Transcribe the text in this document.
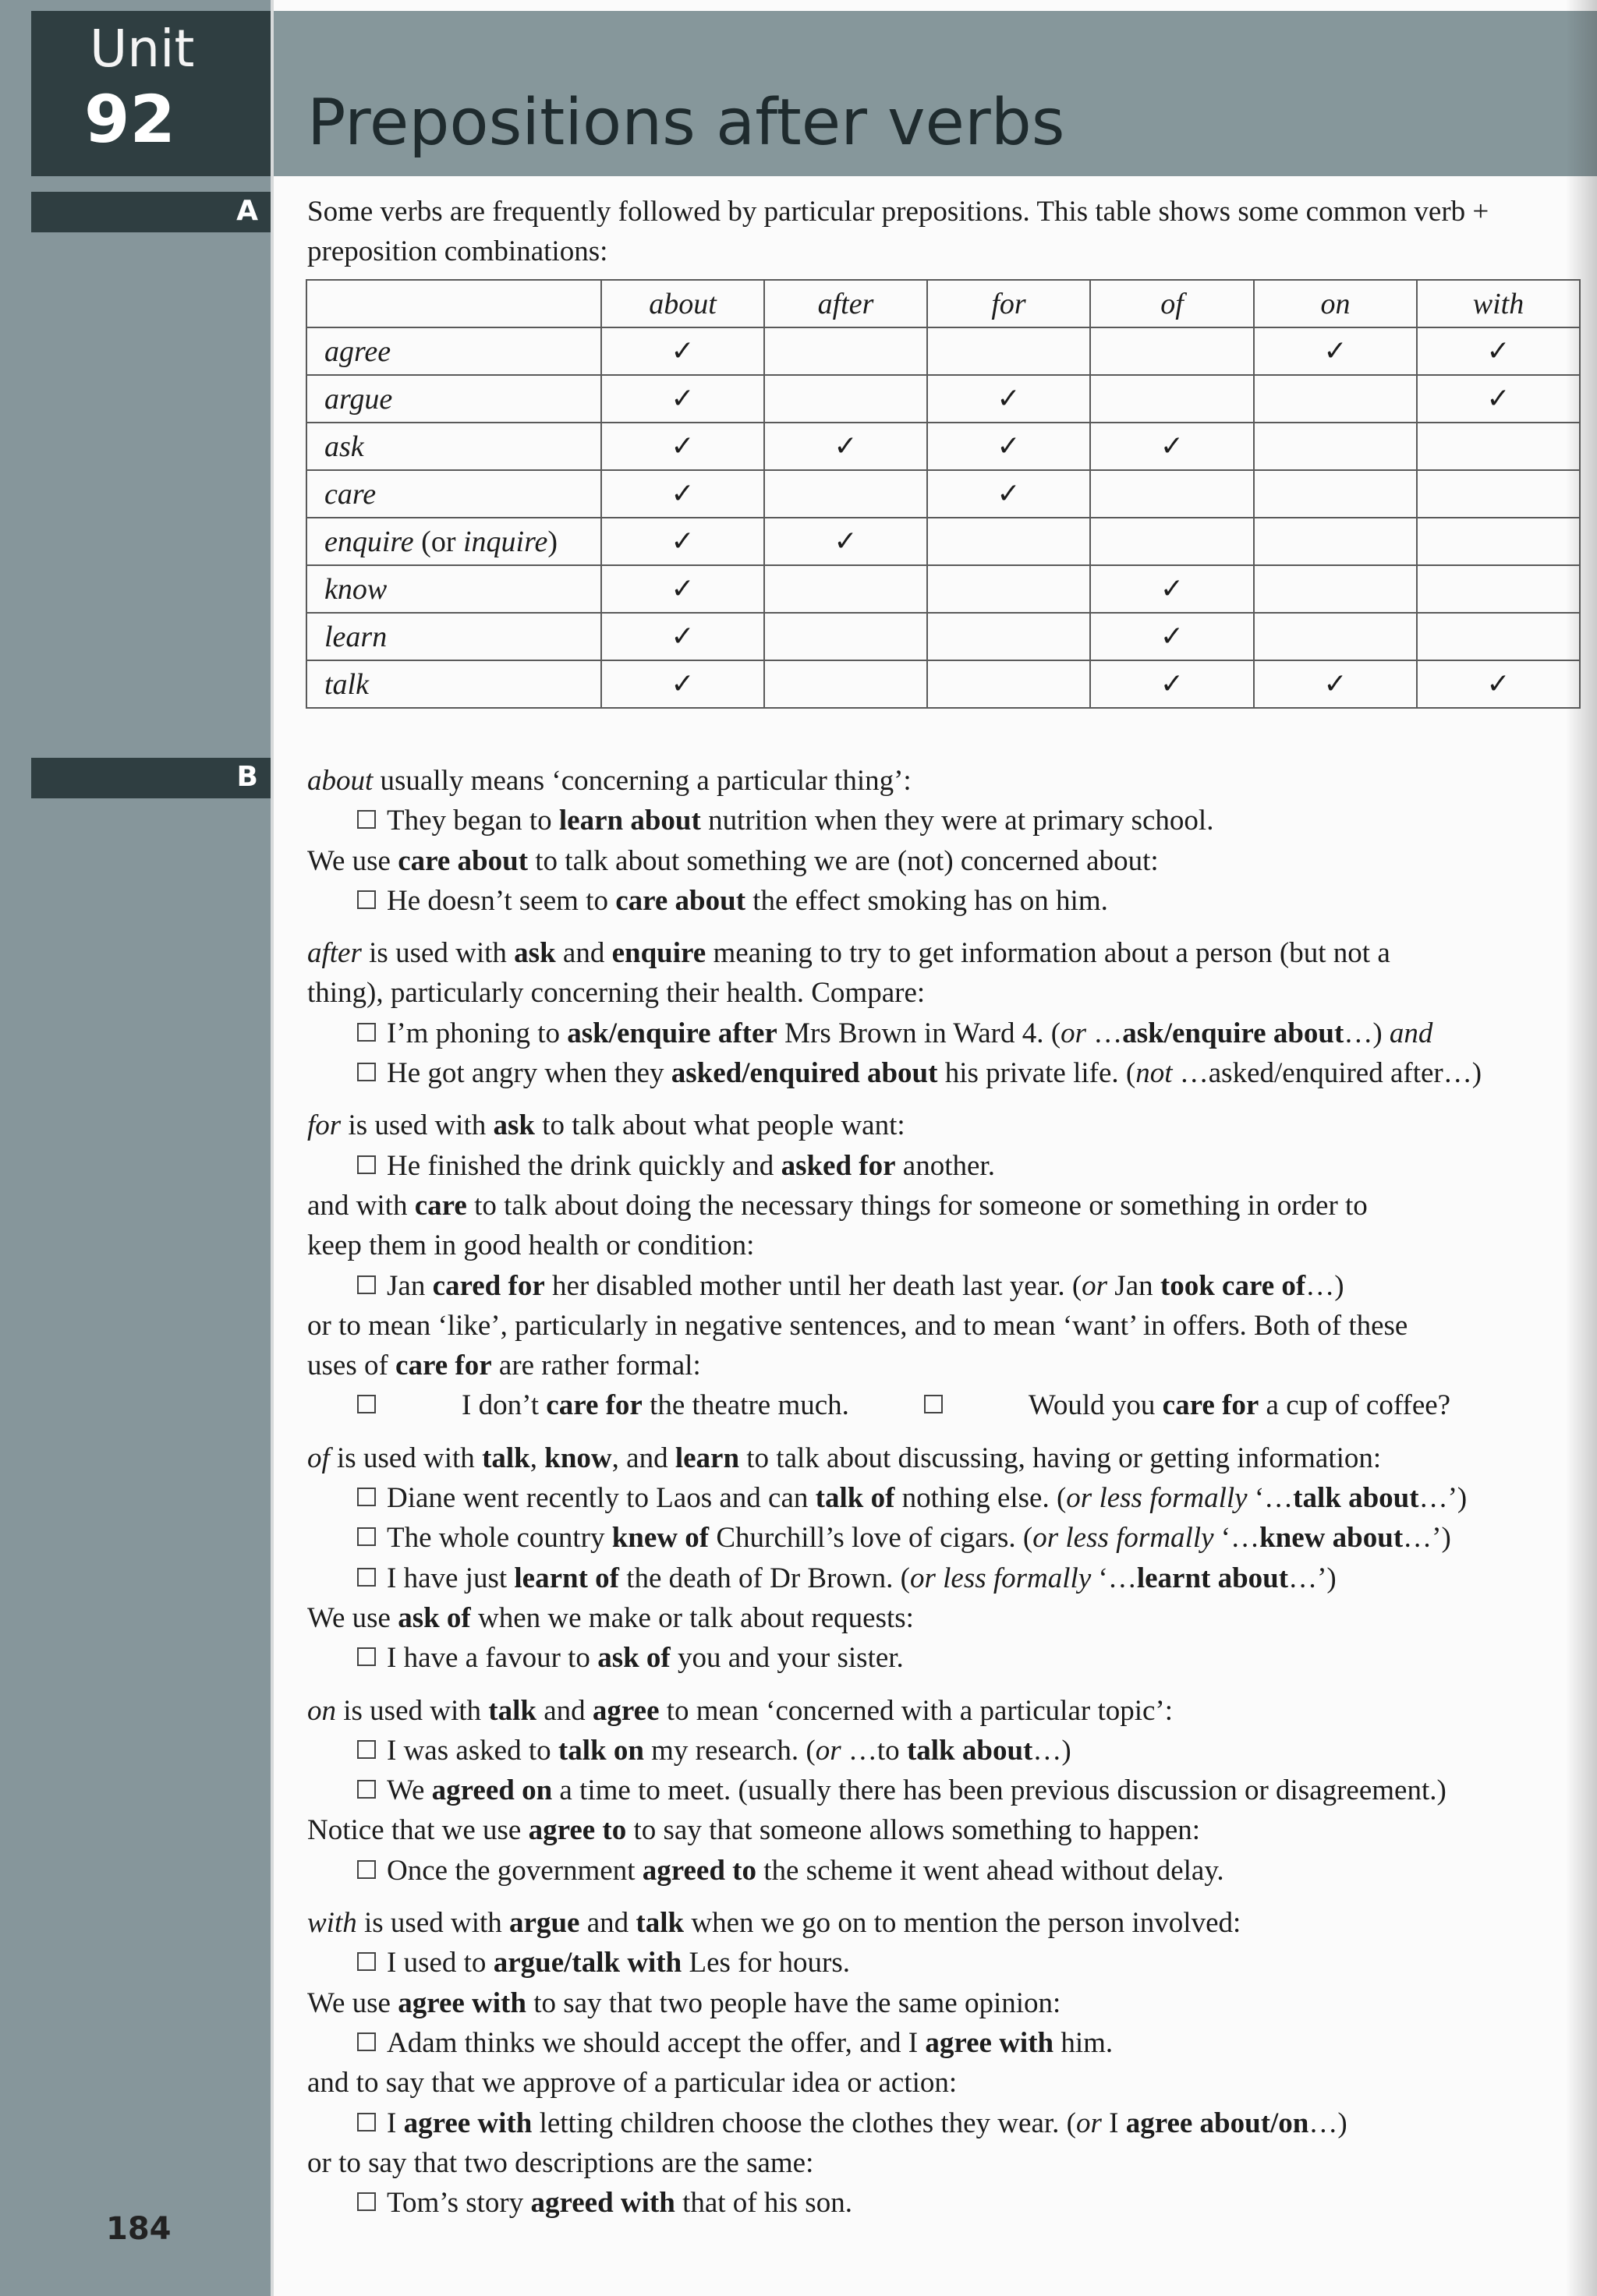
Unit
92 Prepositions after verbs
A
B
Some verbs are frequently followed by particular prepositions. This table shows some common verb + preposition combinations:
	about	after	for	of	on	with
agree	✓				✓	✓
argue	✓		✓			✓
ask	✓	✓	✓	✓		
care	✓		✓			
enquire (or inquire)	✓	✓				
know	✓			✓		
learn	✓			✓		
talk	✓			✓	✓	✓
about usually means ‘concerning a particular thing’:
They began to learn about nutrition when they were at primary school.
We use care about to talk about something we are (not) concerned about:
He doesn’t seem to care about the effect smoking has on him.
after is used with ask and enquire meaning to try to get information about a person (but not a
thing), particularly concerning their health. Compare:
I’m phoning to ask/enquire after Mrs Brown in Ward 4. (or …ask/enquire about…) and
He got angry when they asked/enquired about his private life. (not …asked/enquired after…)
for is used with ask to talk about what people want:
He finished the drink quickly and asked for another.
and with care to talk about doing the necessary things for someone or something in order to
keep them in good health or condition:
Jan cared for her disabled mother until her death last year. (or Jan took care of…)
or to mean ‘like’, particularly in negative sentences, and to mean ‘want’ in offers. Both of these
uses of care for are rather formal:
I don’t care for the theatre much.	Would you care for a cup of coffee?
of is used with talk, know, and learn to talk about discussing, having or getting information:
Diane went recently to Laos and can talk of nothing else. (or less formally ‘…talk about…’)
The whole country knew of Churchill’s love of cigars. (or less formally ‘…knew about…’)
I have just learnt of the death of Dr Brown. (or less formally ‘…learnt about…’)
We use ask of when we make or talk about requests:
I have a favour to ask of you and your sister.
on is used with talk and agree to mean ‘concerned with a particular topic’:
I was asked to talk on my research. (or …to talk about…)
We agreed on a time to meet. (usually there has been previous discussion or disagreement.)
Notice that we use agree to to say that someone allows something to happen:
Once the government agreed to the scheme it went ahead without delay.
with is used with argue and talk when we go on to mention the person involved:
I used to argue/talk with Les for hours.
We use agree with to say that two people have the same opinion:
Adam thinks we should accept the offer, and I agree with him.
and to say that we approve of a particular idea or action:
I agree with letting children choose the clothes they wear. (or I agree about/on…)
or to say that two descriptions are the same:
Tom’s story agreed with that of his son.
184
